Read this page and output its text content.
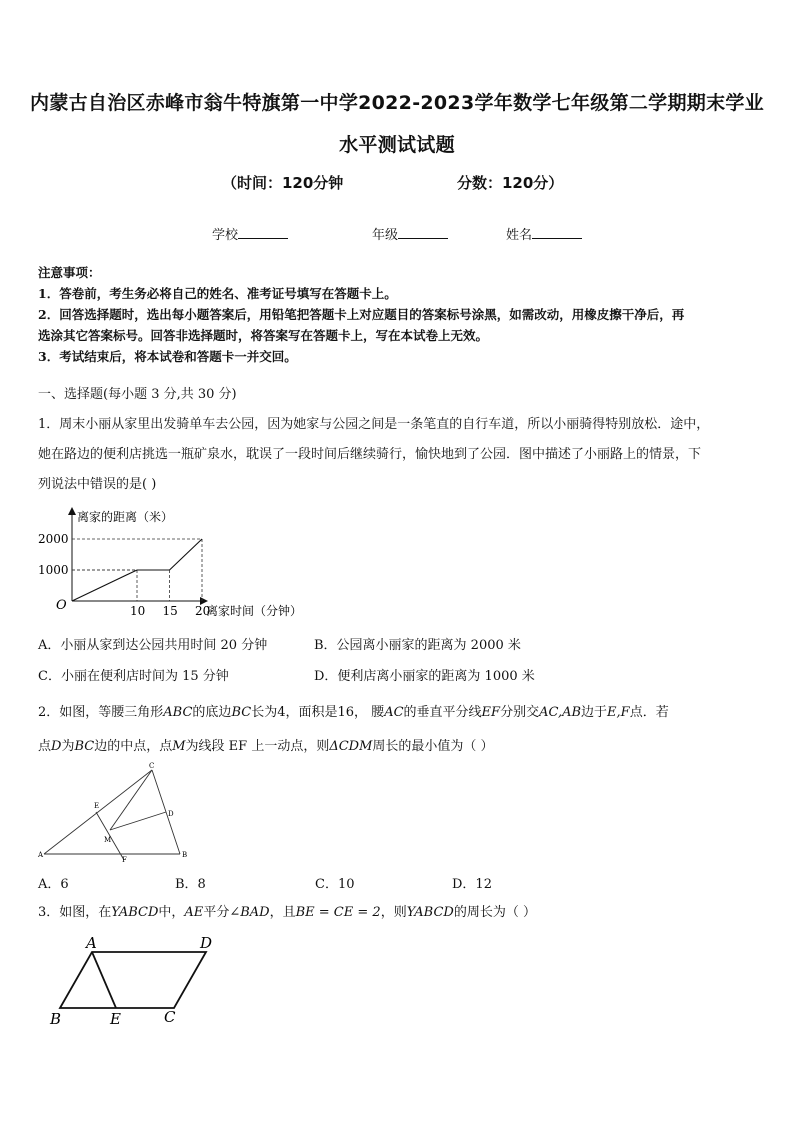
内蒙古自治区赤峰市翁牛特旗第一中学2022-2023学年数学七年级第二学期期末学业
水平测试试题
（时间：120分钟	分数：120分）
学校	年级	姓名
注意事项：
1．答卷前，考生务必将自己的姓名、准考证号填写在答题卡上。
2．回答选择题时，选出每小题答案后，用铅笔把答题卡上对应题目的答案标号涂黑，如需改动，用橡皮擦干净后，再
选涂其它答案标号。回答非选择题时，将答案写在答题卡上，写在本试卷上无效。
3．考试结束后，将本试卷和答题卡一并交回。
一、选择题(每小题 3 分,共 30 分)
1．周末小丽从家里出发骑单车去公园，因为她家与公园之间是一条笔直的自行车道，所以小丽骑得特别放松．途中，
她在路边的便利店挑选一瓶矿泉水，耽误了一段时间后继续骑行，愉快地到了公园．图中描述了小丽路上的情景，下
列说法中错误的是( )
10 15 20
1000
2000
离家的距离（米）
离家时间（分钟）
O
A．小丽从家到达公园共用时间 20 分钟	B．公园离小丽家的距离为 2000 米
C．小丽在便利店时间为 15 分钟	D．便利店离小丽家的距离为 1000 米
2．如图，等腰三角形ABC的底边BC长为4，面积是16， 腰AC的垂直平分线EF分别交AC,AB边于E,F点．若
点D为BC边的中点，点M为线段 EF 上一动点，则ΔCDM周长的最小值为（ ）
C
E
D
M
A
F
B
A．6	B．8	C．10	D．12
3．如图，在YABCD中，AE平分∠BAD，且BE = CE = 2，则YABCD的周长为（ ）
A	D
B	E	C
